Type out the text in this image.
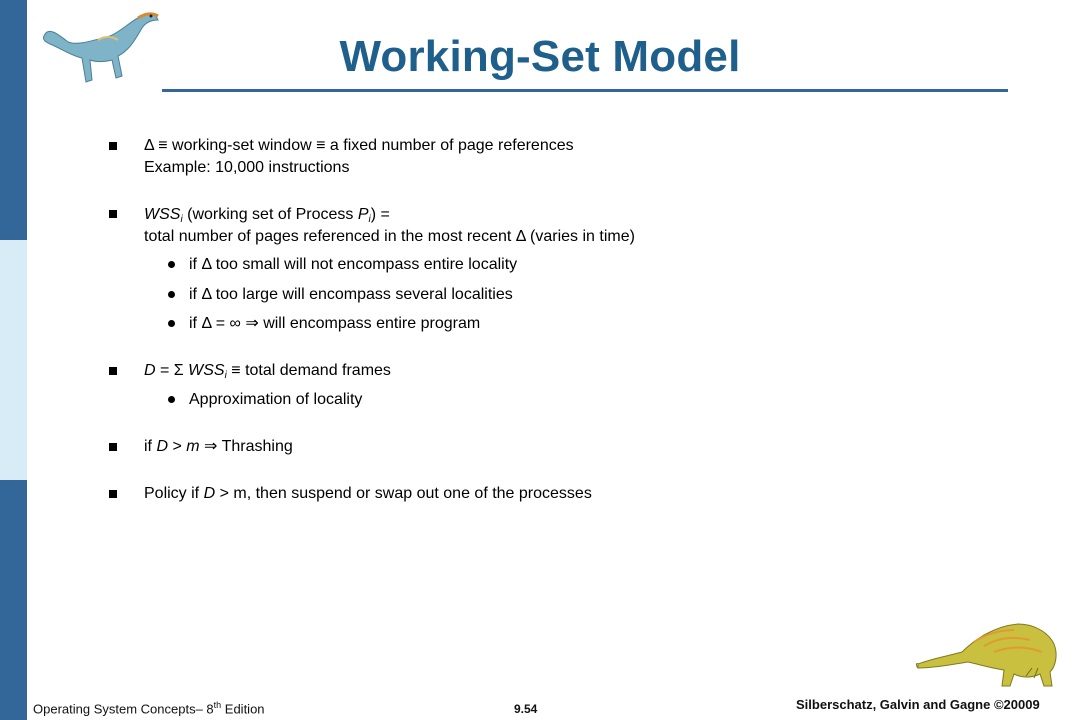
Working-Set Model
Δ ≡ working-set window ≡ a fixed number of page references
Example: 10,000 instructions
$WSS_i$ (working set of Process $P_i$) =
total number of pages referenced in the most recent Δ (varies in time)
if Δ too small will not encompass entire locality
if Δ too large will encompass several localities
if Δ = ∞ ⇒ will encompass entire program
D = Σ $WSS_i$ ≡ total demand frames
Approximation of locality
if D > m ⇒ Thrashing
Policy if D > m, then suspend or swap out one of the processes
Operating System Concepts– 8th Edition	9.54	Silberschatz, Galvin and Gagne ©20009
